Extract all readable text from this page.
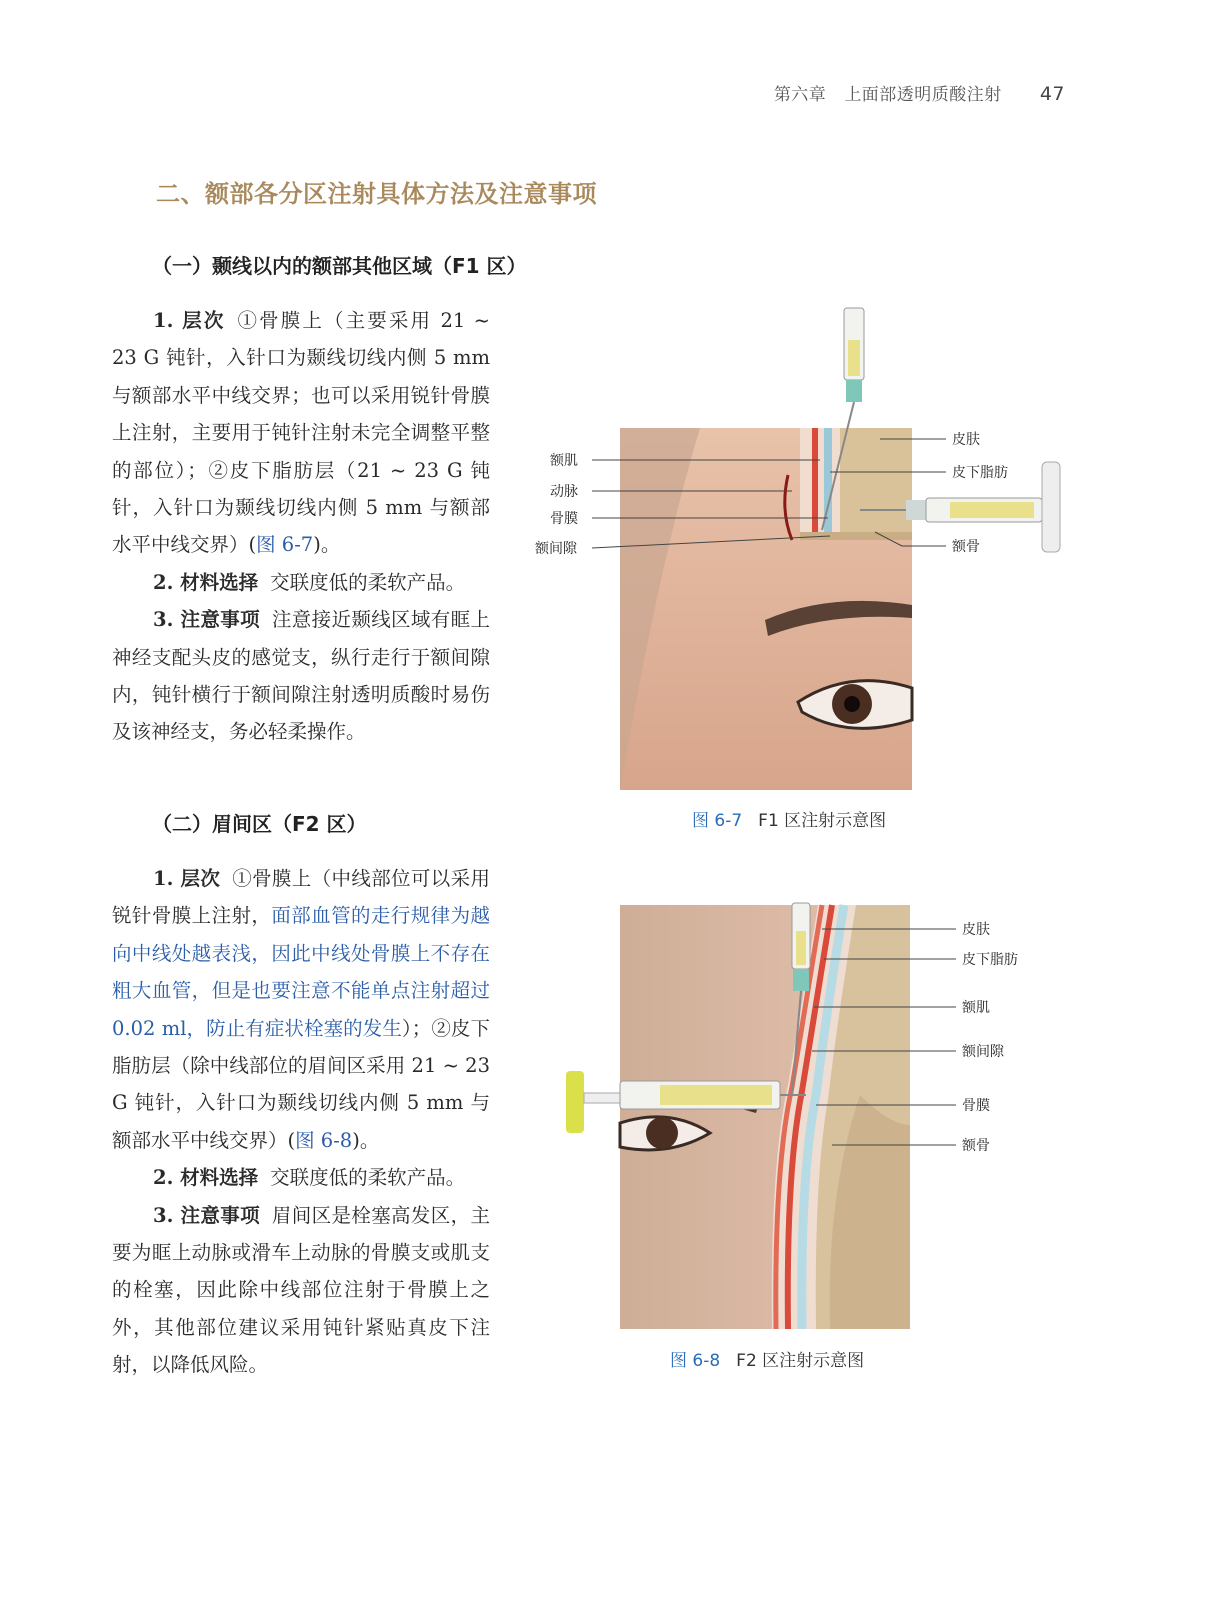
第六章 上面部透明质酸注射 47
二、额部各分区注射具体方法及注意事项
（一）颞线以内的额部其他区域（F1 区）

1. 层次 ①骨膜上（主要采用 21 ~ 23 G 钝针，入针口为颞线切线内侧 5 mm 与额部水平中线交界；也可以采用锐针骨膜上注射，主要用于钝针注射未完全调整平整的部位）；②皮下脂肪层（21 ~ 23 G 钝针，入针口为颞线切线内侧 5 mm 与额部水平中线交界）(图 6-7)。

2. 材料选择 交联度低的柔软产品。

3. 注意事项 注意接近颞线区域有眶上神经支配头皮的感觉支，纵行走行于额间隙内，钝针横行于额间隙注射透明质酸时易伤及该神经支，务必轻柔操作。

（二）眉间区（F2 区）

1. 层次 ①骨膜上（中线部位可以采用锐针骨膜上注射，面部血管的走行规律为越向中线处越表浅，因此中线处骨膜上不存在粗大血管，但是也要注意不能单点注射超过 0.02 ml，防止有症状栓塞的发生）；②皮下脂肪层（除中线部位的眉间区采用 21 ~ 23 G 钝针，入针口为颞线切线内侧 5 mm 与额部水平中线交界）(图 6-8)。

2. 材料选择 交联度低的柔软产品。

3. 注意事项 眉间区是栓塞高发区，主要为眶上动脉或滑车上动脉的骨膜支或肌支的栓塞，因此除中线部位注射于骨膜上之外，其他部位建议采用钝针紧贴真皮下注射，以降低风险。

额肌
动脉
骨膜
额间隙
皮肤
皮下脂肪
额骨
图 6-7 F1 区注射示意图
皮肤
皮下脂肪
额肌
额间隙
骨膜
额骨
图 6-8 F2 区注射示意图
